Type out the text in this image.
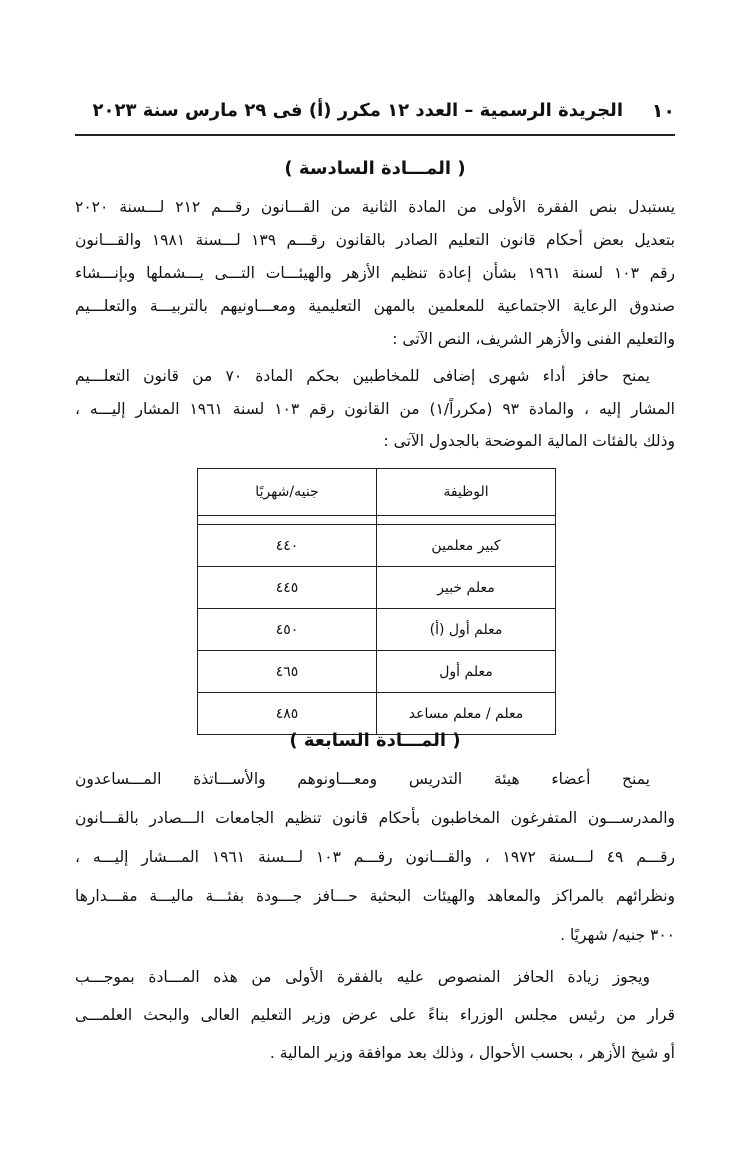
١٠
الجريدة الرسمية – العدد ١٢ مكرر (أ) فى ٢٩ مارس سنة ٢٠٢٣
( المـــادة السادسة )
يستبدل بنص الفقرة الأولى من المادة الثانية من القـــانون رقـــم ٢١٢ لـــسنة ٢٠٢٠
بتعديل بعض أحكام قانون التعليم الصادر بالقانون رقـــم ١٣٩ لـــسنة ١٩٨١ والقـــانون
رقم ١٠٣ لسنة ١٩٦١ بشأن إعادة تنظيم الأزهر والهيئـــات التـــى يـــشملها وبإنـــشاء
صندوق الرعاية الاجتماعية للمعلمين بالمهن التعليمية ومعـــاونيهم بالتربيـــة والتعلـــيم
والتعليم الفنى والأزهر الشريف، النص الآتى :
يمنح حافز أداء شهرى إضافى للمخاطبين بحكم المادة ٧٠ من قانون التعلـــيم
المشار إليه ، والمادة ٩٣ (مكرراً/١) من القانون رقم ١٠٣ لسنة ١٩٦١ المشار إليـــه ،
وذلك بالفئات المالية الموضحة بالجدول الآتى :
الوظيفة	جنيه/شهريًا

كبير معلمين	٤٤٠
معلم خبير	٤٤٥
معلم أول (أ)	٤٥٠
معلم أول	٤٦٥
معلم / معلم مساعد	٤٨٥
( المـــادة السابعة )
يمنح أعضاء هيئة التدريس ومعـــاونوهم والأســـاتذة المـــساعدون
والمدرســـون المتفرغون المخاطبون بأحكام قانون تنظيم الجامعات الـــصادر بالقـــانون
رقـــم ٤٩ لـــسنة ١٩٧٢ ، والقـــانون رقـــم ١٠٣ لـــسنة ١٩٦١ المـــشار إليـــه ،
ونظرائهم بالمراكز والمعاهد والهيئات البحثية حـــافز جـــودة بفئـــة ماليـــة مقـــدارها
٣٠٠ جنيه/ شهريًا .
ويجوز زيادة الحافز المنصوص عليه بالفقرة الأولى من هذه المـــادة بموجـــب
قرار من رئيس مجلس الوزراء بناءً على عرض وزير التعليم العالى والبحث العلمـــى
أو شيخ الأزهر ، بحسب الأحوال ، وذلك بعد موافقة وزير المالية .
